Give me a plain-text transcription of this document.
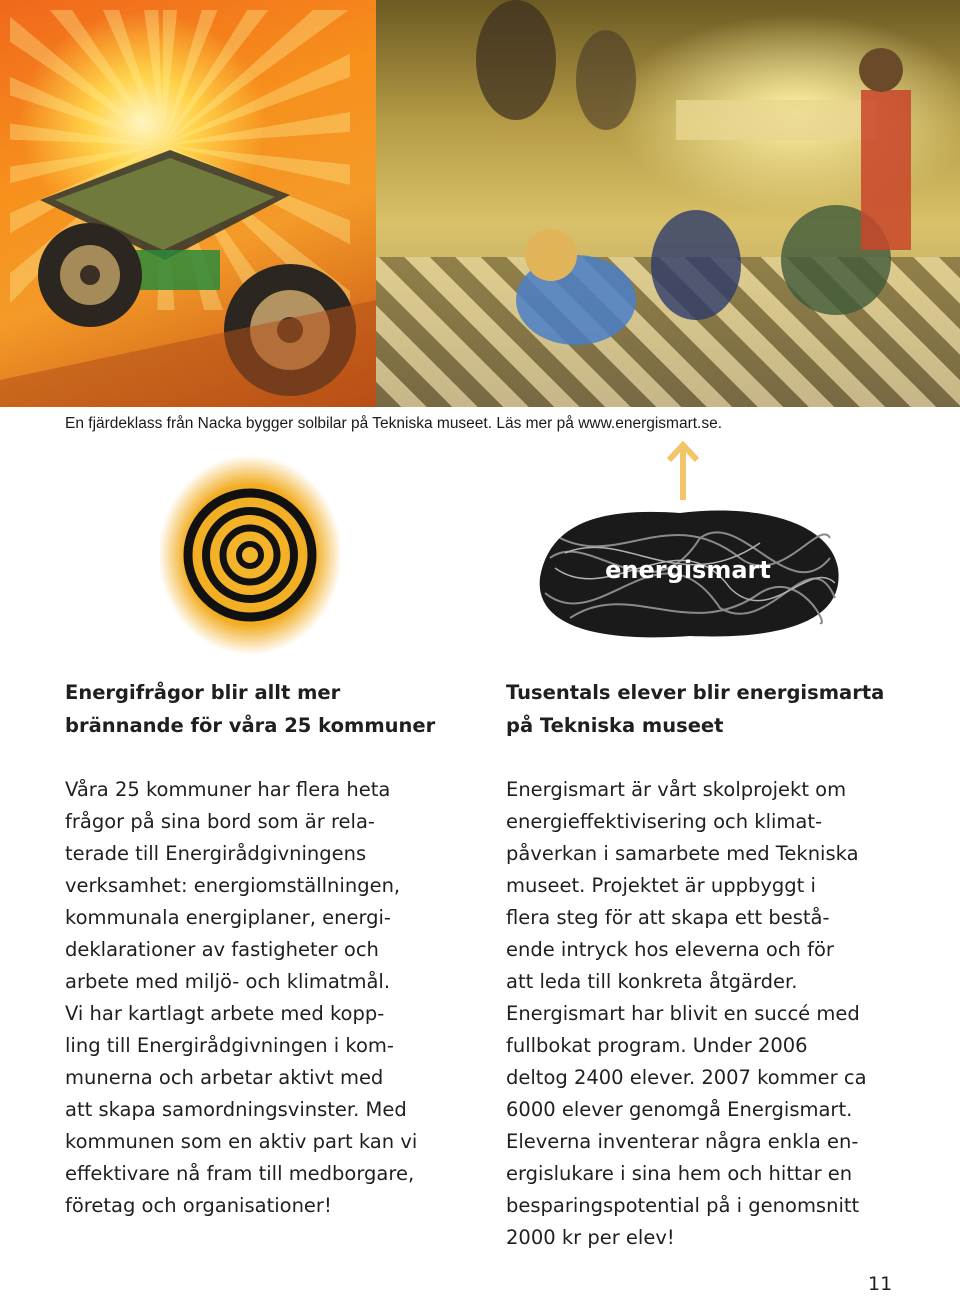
En fjärdeklass från Nacka bygger solbilar på Tekniska museet. Läs mer på www.energismart.se.

energismart
Energifrågor blir allt mer
brännande för våra 25 kommuner
Våra 25 kommuner har flera heta
frågor på sina bord som är rela-
terade till Energirådgivningens
verksamhet: energiomställningen,
kommunala energiplaner, energi-
deklarationer av fastigheter och
arbete med miljö- och klimatmål.
Vi har kartlagt arbete med kopp-
ling till Energirådgivningen i kom-
munerna och arbetar aktivt med
att skapa samordningsvinster. Med
kommunen som en aktiv part kan vi
effektivare nå fram till medborgare,
företag och organisationer!
Tusentals elever blir energismarta
på Tekniska museet
Energismart är vårt skolprojekt om
energieffektivisering och klimat-
påverkan i samarbete med Tekniska
museet. Projektet är uppbyggt i
flera steg för att skapa ett bestå-
ende intryck hos eleverna och för
att leda till konkreta åtgärder.
Energismart har blivit en succé med
fullbokat program. Under 2006
deltog 2400 elever. 2007 kommer ca
6000 elever genomgå Energismart.
Eleverna inventerar några enkla en-
ergislukare i sina hem och hittar en
besparingspotential på i genomsnitt
2000 kr per elev!
11
